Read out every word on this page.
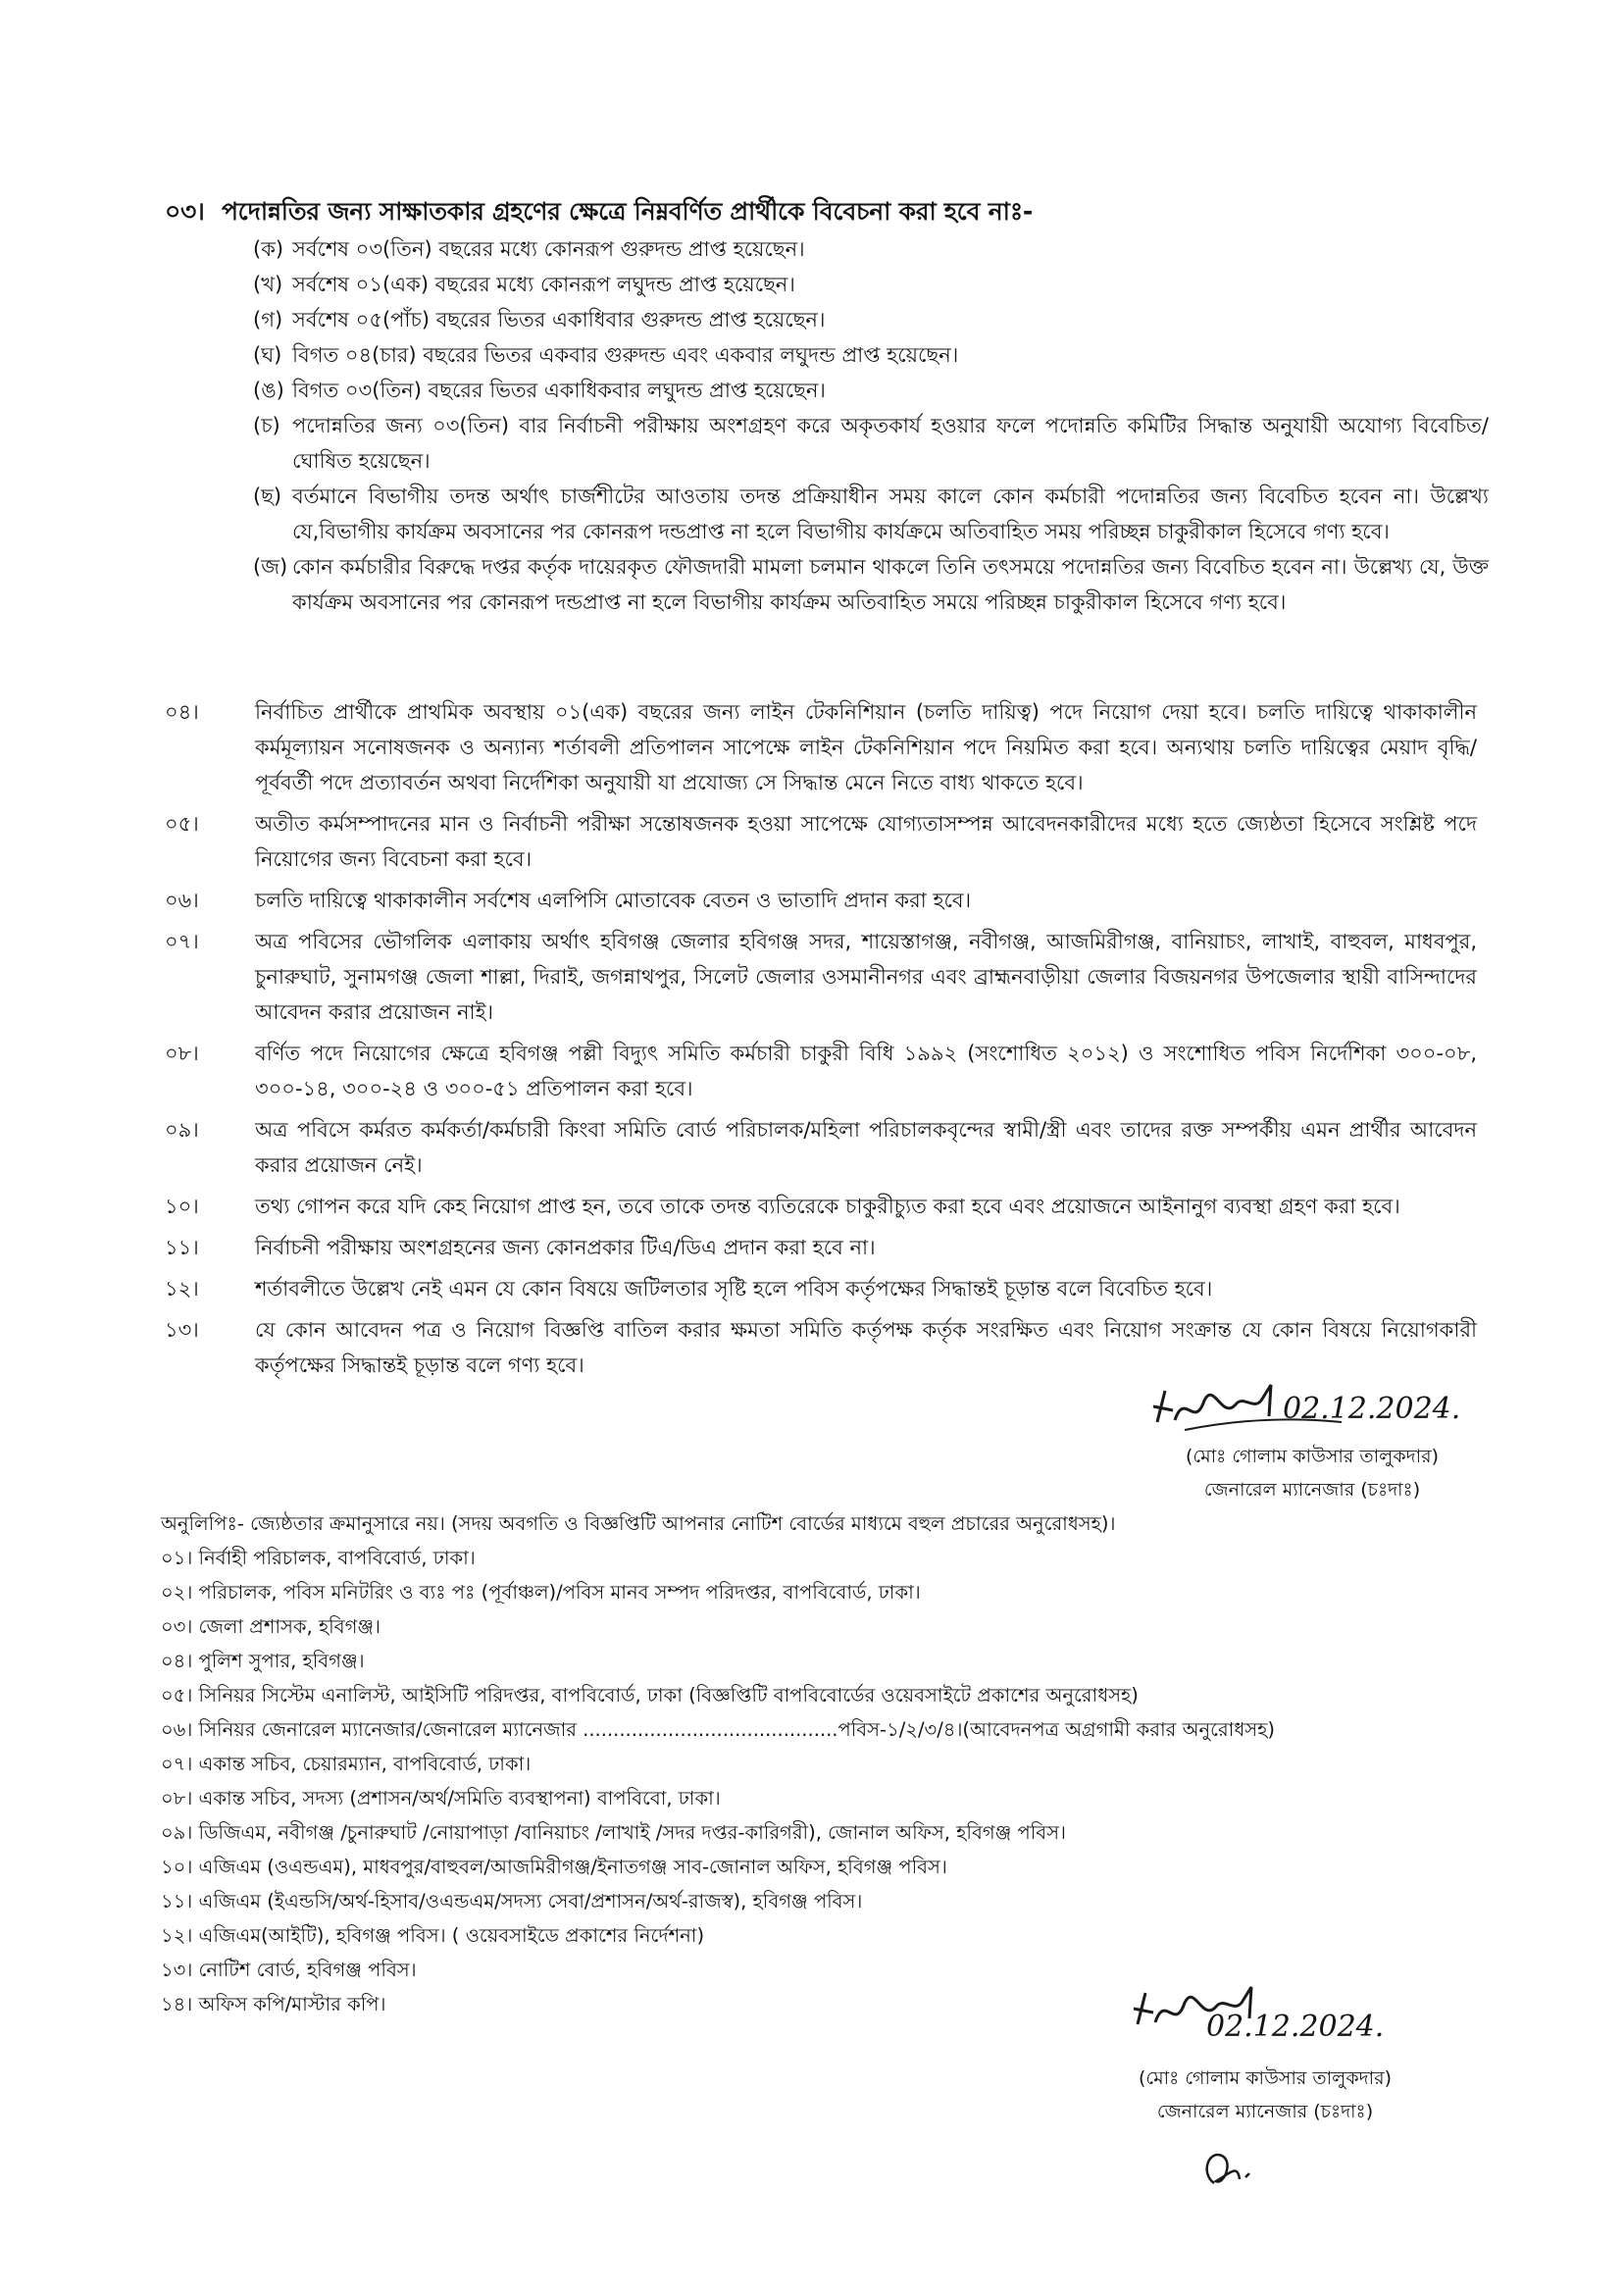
০৩। পদোন্নতির জন্য সাক্ষাতকার গ্রহণের ক্ষেত্রে নিম্নবর্ণিত প্রার্থীকে বিবেচনা করা হবে নাঃ-
(ক) সর্বশেষ ০৩(তিন) বছরের মধ্যে কোনরূপ গুরুদন্ড প্রাপ্ত হয়েছেন।
(খ) সর্বশেষ ০১(এক) বছরের মধ্যে কোনরূপ লঘুদন্ড প্রাপ্ত হয়েছেন।
(গ) সর্বশেষ ০৫(পাঁচ) বছরের ভিতর একাধিবার গুরুদন্ড প্রাপ্ত হয়েছেন।
(ঘ) বিগত ০৪(চার) বছরের ভিতর একবার গুরুদন্ড এবং একবার লঘুদন্ড প্রাপ্ত হয়েছেন।
(ঙ) বিগত ০৩(তিন) বছরের ভিতর একাধিকবার লঘুদন্ড প্রাপ্ত হয়েছেন।
(চ) পদোন্নতির জন্য ০৩(তিন) বার নির্বাচনী পরীক্ষায় অংশগ্রহণ করে অকৃতকার্য হওয়ার ফলে পদোন্নতি কমিটির সিদ্ধান্ত অনুযায়ী অযোগ্য বিবেচিত/ঘোষিত হয়েছেন।
(ছ) বর্তমানে বিভাগীয় তদন্ত অর্থাৎ চার্জশীটের আওতায় তদন্ত প্রক্রিয়াধীন সময় কালে কোন কর্মচারী পদোন্নতির জন্য বিবেচিত হবেন না। উল্লেখ্য যে,বিভাগীয় কার্যক্রম অবসানের পর কোনরূপ দন্ডপ্রাপ্ত না হলে বিভাগীয় কার্যক্রমে অতিবাহিত সময় পরিচ্ছন্ন চাকুরীকাল হিসেবে গণ্য হবে।
(জ) কোন কর্মচারীর বিরুদ্ধে দপ্তর কর্তৃক দায়েরকৃত ফৌজদারী মামলা চলমান থাকলে তিনি তৎসময়ে পদোন্নতির জন্য বিবেচিত হবেন না। উল্লেখ্য যে, উক্ত কার্যক্রম অবসানের পর কোনরূপ দন্ডপ্রাপ্ত না হলে বিভাগীয় কার্যক্রম অতিবাহিত সময়ে পরিচ্ছন্ন চাকুরীকাল হিসেবে গণ্য হবে।
০৪।	নির্বাচিত প্রার্থীকে প্রাথমিক অবস্থায় ০১(এক) বছরের জন্য লাইন টেকনিশিয়ান (চলতি দায়িত্ব) পদে নিয়োগ দেয়া হবে। চলতি দায়িত্বে থাকাকালীন কর্মমূল্যায়ন সনোষজনক ও অন্যান্য শর্তাবলী প্রতিপালন সাপেক্ষে লাইন টেকনিশিয়ান পদে নিয়মিত করা হবে। অন্যথায় চলতি দায়িত্বের মেয়াদ বৃদ্ধি/পূর্ববর্তী পদে প্রত্যাবর্তন অথবা নির্দেশিকা অনুযায়ী যা প্রযোজ্য সে সিদ্ধান্ত মেনে নিতে বাধ্য থাকতে হবে।
০৫।	অতীত কর্মসম্পাদনের মান ও নির্বাচনী পরীক্ষা সন্তোষজনক হওয়া সাপেক্ষে যোগ্যতাসম্পন্ন আবেদনকারীদের মধ্যে হতে জ্যেষ্ঠতা হিসেবে সংশ্লিষ্ট পদে নিয়োগের জন্য বিবেচনা করা হবে।
০৬।	চলতি দায়িত্বে থাকাকালীন সর্বশেষ এলপিসি মোতাবেক বেতন ও ভাতাদি প্রদান করা হবে।
০৭।	অত্র পবিসের ভৌগলিক এলাকায় অর্থাৎ হবিগঞ্জ জেলার হবিগঞ্জ সদর, শায়েস্তাগঞ্জ, নবীগঞ্জ, আজমিরীগঞ্জ, বানিয়াচং, লাখাই, বাহুবল, মাধবপুর, চুনারুঘাট, সুনামগঞ্জ জেলা শাল্লা, দিরাই, জগন্নাথপুর, সিলেট জেলার ওসমানীনগর এবং ব্রাহ্মনবাড়ীয়া জেলার বিজয়নগর উপজেলার স্থায়ী বাসিন্দাদের আবেদন করার প্রয়োজন নাই।
০৮।	বর্ণিত পদে নিয়োগের ক্ষেত্রে হবিগঞ্জ পল্লী বিদ্যুৎ সমিতি কর্মচারী চাকুরী বিধি ১৯৯২ (সংশোধিত ২০১২) ও সংশোধিত পবিস নির্দেশিকা ৩০০-০৮, ৩০০-১৪, ৩০০-২৪ ও ৩০০-৫১ প্রতিপালন করা হবে।
০৯।	অত্র পবিসে কর্মরত কর্মকর্তা/কর্মচারী কিংবা সমিতি বোর্ড পরিচালক/মহিলা পরিচালকবৃন্দের স্বামী/স্ত্রী এবং তাদের রক্ত সম্পর্কীয় এমন প্রার্থীর আবেদন করার প্রয়োজন নেই।
১০।	তথ্য গোপন করে যদি কেহ নিয়োগ প্রাপ্ত হন, তবে তাকে তদন্ত ব্যতিরেকে চাকুরীচ্যুত করা হবে এবং প্রয়োজনে আইনানুগ ব্যবস্থা গ্রহণ করা হবে।
১১।	নির্বাচনী পরীক্ষায় অংশগ্রহনের জন্য কোনপ্রকার টিএ/ডিএ প্রদান করা হবে না।
১২।	শর্তাবলীতে উল্লেখ নেই এমন যে কোন বিষয়ে জটিলতার সৃষ্টি হলে পবিস কর্তৃপক্ষের সিদ্ধান্তই চূড়ান্ত বলে বিবেচিত হবে।
১৩।	যে কোন আবেদন পত্র ও নিয়োগ বিজ্ঞপ্তি বাতিল করার ক্ষমতা সমিতি কর্তৃপক্ষ কর্তৃক সংরক্ষিত এবং নিয়োগ সংক্রান্ত যে কোন বিষয়ে নিয়োগকারী কর্তৃপক্ষের সিদ্ধান্তই চূড়ান্ত বলে গণ্য হবে।
02.12.2024.
(মোঃ গোলাম কাউসার তালুকদার)
জেনারেল ম্যানেজার (চঃদাঃ)
অনুলিপিঃ- জ্যেষ্ঠতার ক্রমানুসারে নয়। (সদয় অবগতি ও বিজ্ঞপ্তিটি আপনার নোটিশ বোর্ডের মাধ্যমে বহুল প্রচারের অনুরোধসহ)।
০১। নির্বাহী পরিচালক, বাপবিবোর্ড, ঢাকা।
০২। পরিচালক, পবিস মনিটরিং ও ব্যঃ পঃ (পূর্বাঞ্চল)/পবিস মানব সম্পদ পরিদপ্তর, বাপবিবোর্ড, ঢাকা।
০৩। জেলা প্রশাসক, হবিগঞ্জ।
০৪। পুলিশ সুপার, হবিগঞ্জ।
০৫। সিনিয়র সিস্টেম এনালিস্ট, আইসিটি পরিদপ্তর, বাপবিবোর্ড, ঢাকা (বিজ্ঞপ্তিটি বাপবিবোর্ডের ওয়েবসাইটে প্রকাশের অনুরোধসহ)
০৬। সিনিয়র জেনারেল ম্যানেজার/জেনারেল ম্যানেজার ..........................................পবিস-১/২/৩/৪।(আবেদনপত্র অগ্রগামী করার অনুরোধসহ)
০৭। একান্ত সচিব, চেয়ারম্যান, বাপবিবোর্ড, ঢাকা।
০৮। একান্ত সচিব, সদস্য (প্রশাসন/অর্থ/সমিতি ব্যবস্থাপনা) বাপবিবো, ঢাকা।
০৯। ডিজিএম, নবীগঞ্জ /চুনারুঘাট /নোয়াপাড়া /বানিয়াচং /লাখাই /সদর দপ্তর-কারিগরী), জোনাল অফিস, হবিগঞ্জ পবিস।
১০। এজিএম (ওএন্ডএম), মাধবপুর/বাহুবল/আজমিরীগঞ্জ/ইনাতগঞ্জ সাব-জোনাল অফিস, হবিগঞ্জ পবিস।
১১। এজিএম (ইএন্ডসি/অর্থ-হিসাব/ওএন্ডএম/সদস্য সেবা/প্রশাসন/অর্থ-রাজস্ব), হবিগঞ্জ পবিস।
১২। এজিএম(আইটি), হবিগঞ্জ পবিস। ( ওয়েবসাইডে প্রকাশের নির্দেশনা)
১৩। নোটিশ বোর্ড, হবিগঞ্জ পবিস।
১৪। অফিস কপি/মাস্টার কপি।
02.12.2024.
(মোঃ গোলাম কাউসার তালুকদার)
জেনারেল ম্যানেজার (চঃদাঃ)
